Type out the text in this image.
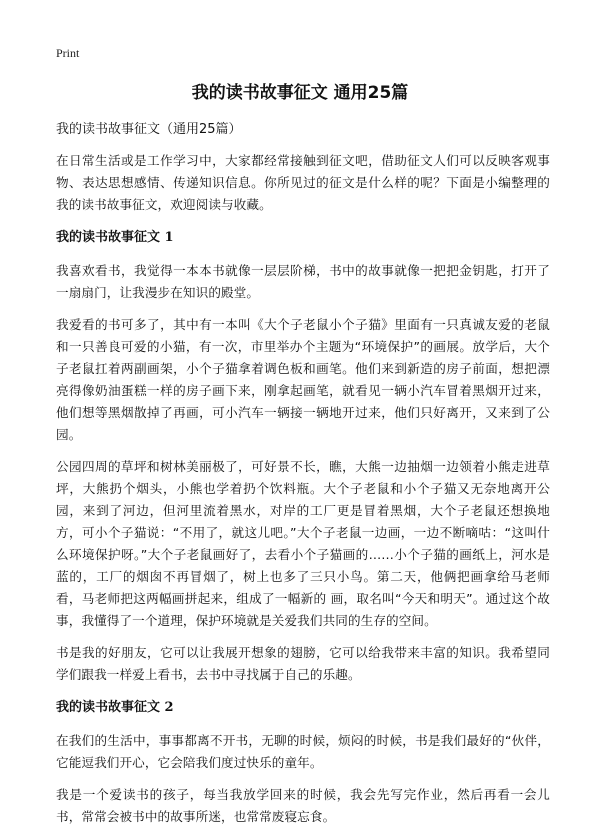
Print
我的读书故事征文 通用25篇

我的读书故事征文（通用25篇）

在日常生活或是工作学习中，大家都经常接触到征文吧，借助征文人们可以反映客观事物、表达思想感情、传递知识信息。你所见过的征文是什么样的呢？下面是小编整理的我的读书故事征文，欢迎阅读与收藏。

我的读书故事征文 1

我喜欢看书，我觉得一本本书就像一层层阶梯，书中的故事就像一把把金钥匙，打开了一扇扇门，让我漫步在知识的殿堂。

我爱看的书可多了，其中有一本叫《大个子老鼠小个子猫》里面有一只真诚友爱的老鼠和一只善良可爱的小猫，有一次，市里举办个主题为“环境保护”的画展。放学后，大个子老鼠扛着两副画架，小个子猫拿着调色板和画笔。他们来到新造的房子前面，想把漂亮得像奶油蛋糕一样的房子画下来，刚拿起画笔，就看见一辆小汽车冒着黑烟开过来，他们想等黑烟散掉了再画，可小汽车一辆接一辆地开过来，他们只好离开，又来到了公园。

公园四周的草坪和树林美丽极了，可好景不长，瞧，大熊一边抽烟一边领着小熊走进草坪，大熊扔个烟头，小熊也学着扔个饮料瓶。大个子老鼠和小个子猫又无奈地离开公园，来到了河边，但河里流着黑水，对岸的工厂更是冒着黑烟，大个子老鼠还想换地方，可小个子猫说：“不用了，就这儿吧。”大个子老鼠一边画，一边不断嘀咕：“这叫什么环境保护呀。”大个子老鼠画好了，去看小个子猫画的……小个子猫的画纸上，河水是蓝的，工厂的烟囱不再冒烟了，树上也多了三只小鸟。第二天，他俩把画拿给马老师看，马老师把这两幅画拼起来，组成了一幅新的 画，取名叫“今天和明天”。通过这个故事，我懂得了一个道理，保护环境就是关爱我们共同的生存的空间。

书是我的好朋友，它可以让我展开想象的翅膀，它可以给我带来丰富的知识。我希望同学们跟我一样爱上看书，去书中寻找属于自己的乐趣。

我的读书故事征文 2

在我们的生活中，事事都离不开书，无聊的时候，烦闷的时候，书是我们最好的“伙伴，它能逗我们开心，它会陪我们度过快乐的童年。

我是一个爱读书的孩子，每当我放学回来的时候，我会先写完作业，然后再看一会儿书，常常会被书中的故事所迷，也常常废寝忘食。
